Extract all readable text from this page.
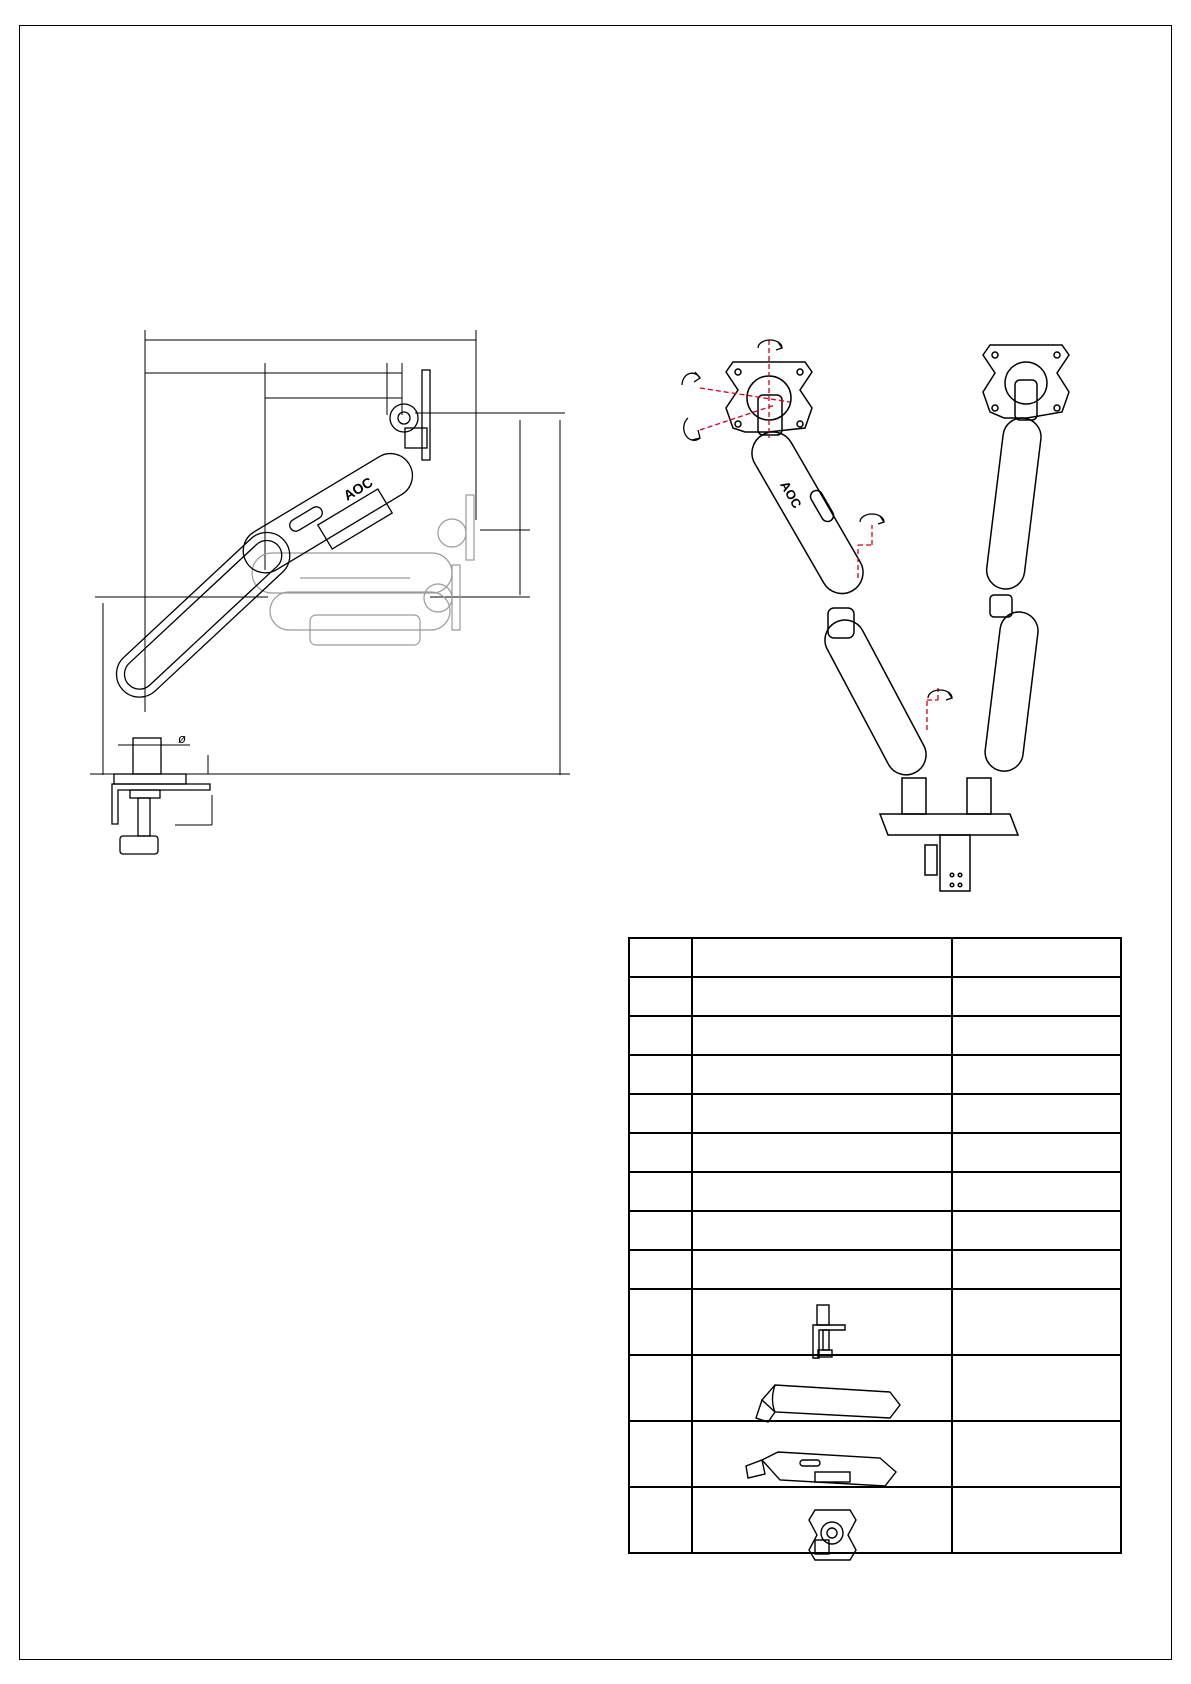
AOC
ø
AOC
